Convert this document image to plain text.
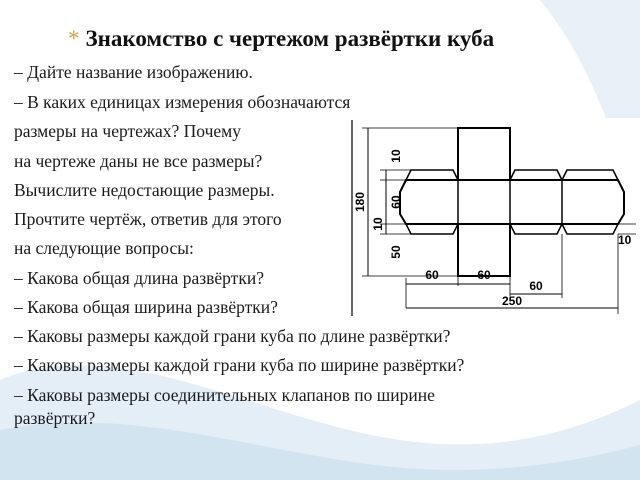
* Знакомство с чертежом развёртки куба
– Дайте название изображению.
– В каких единицах измерения обозначаются
размеры на чертежах? Почему
на чертеже даны не все размеры?
Вычислите недостающие размеры.
Прочтите чертёж, ответив для этого
на следующие вопросы:
– Какова общая длина развёртки?
– Какова общая ширина развёртки?
– Каковы размеры каждой грани куба по длине развёртки?
– Каковы размеры каждой грани куба по ширине развёртки?
– Каковы размеры соединительных клапанов по ширине
развёртки?
180
10
60
10
50
10
60	60
60
250
